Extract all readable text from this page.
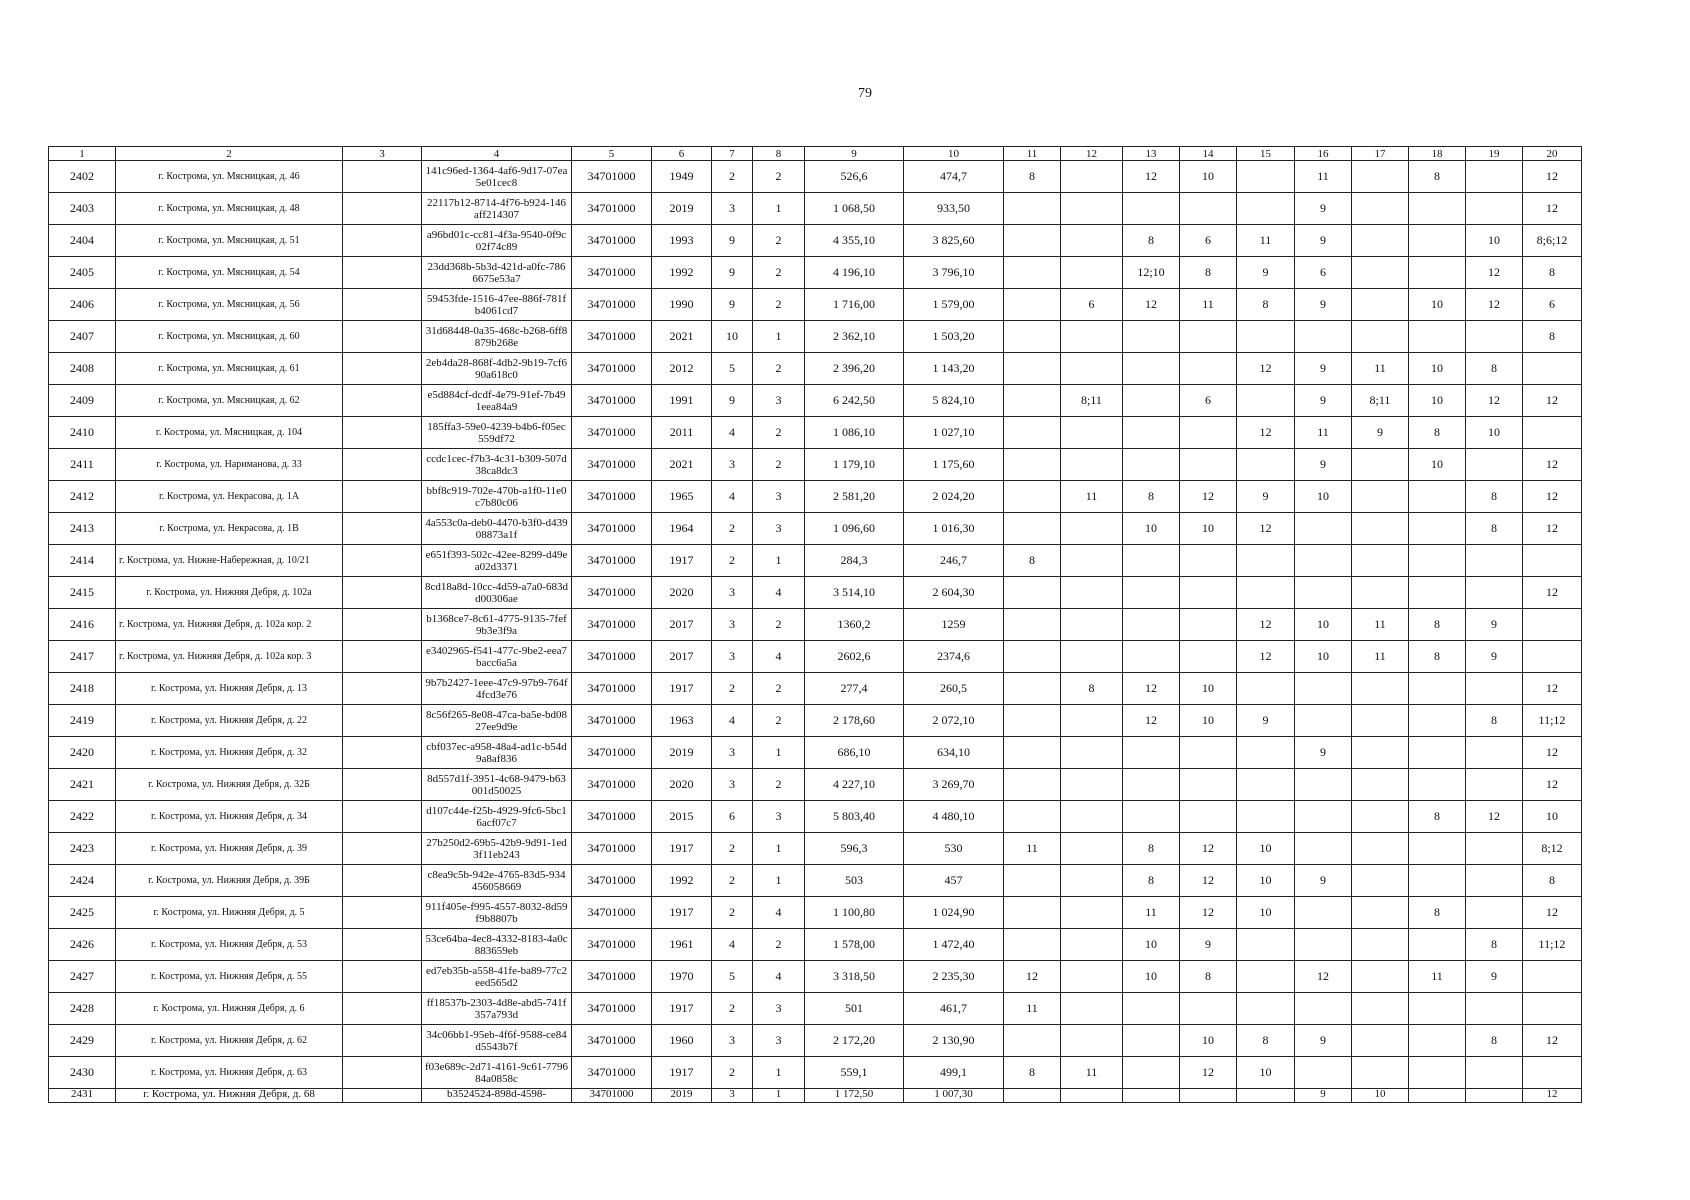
79
1	2	3	4	5	6	7	8	9	10	11	12	13	14	15	16	17	18	19	20
2402	г. Кострома, ул. Мясницкая, д. 46		141c96ed-1364-4af6-9d17-07ea5e01cec8	34701000	1949	2	2	526,6	474,7	8		12	10		11		8		12
2403	г. Кострома, ул. Мясницкая, д. 48		22117b12-8714-4f76-b924-146aff214307	34701000	2019	3	1	1 068,50	933,50						9				12
2404	г. Кострома, ул. Мясницкая, д. 51		a96bd01c-cc81-4f3a-9540-0f9c02f74c89	34701000	1993	9	2	4 355,10	3 825,60			8	6	11	9			10	8;6;12
2405	г. Кострома, ул. Мясницкая, д. 54		23dd368b-5b3d-421d-a0fc-7866675e53a7	34701000	1992	9	2	4 196,10	3 796,10			12;10	8	9	6			12	8
2406	г. Кострома, ул. Мясницкая, д. 56		59453fde-1516-47ee-886f-781fb4061cd7	34701000	1990	9	2	1 716,00	1 579,00		6	12	11	8	9		10	12	6
2407	г. Кострома, ул. Мясницкая, д. 60		31d68448-0a35-468c-b268-6ff8879b268e	34701000	2021	10	1	2 362,10	1 503,20										8
2408	г. Кострома, ул. Мясницкая, д. 61		2eb4da28-868f-4db2-9b19-7cf690a618c0	34701000	2012	5	2	2 396,20	1 143,20					12	9	11	10	8	
2409	г. Кострома, ул. Мясницкая, д. 62		e5d884cf-dcdf-4e79-91ef-7b491eea84a9	34701000	1991	9	3	6 242,50	5 824,10		8;11		6		9	8;11	10	12	12
2410	г. Кострома, ул. Мясницкая, д. 104		185ffa3-59e0-4239-b4b6-f05ec559df72	34701000	2011	4	2	1 086,10	1 027,10					12	11	9	8	10	
2411	г. Кострома, ул. Нариманова, д. 33		ccdc1cec-f7b3-4c31-b309-507d38ca8dc3	34701000	2021	3	2	1 179,10	1 175,60						9		10		12
2412	г. Кострома, ул. Некрасова, д. 1А		bbf8c919-702e-470b-a1f0-11e0c7b80c06	34701000	1965	4	3	2 581,20	2 024,20		11	8	12	9	10			8	12
2413	г. Кострома, ул. Некрасова, д. 1В		4a553c0a-deb0-4470-b3f0-d43908873a1f	34701000	1964	2	3	1 096,60	1 016,30			10	10	12				8	12
2414	г. Кострома, ул. Нижне-Набережная, д. 10/21		e651f393-502c-42ee-8299-d49ea02d3371	34701000	1917	2	1	284,3	246,7	8									
2415	г. Кострома, ул. Нижняя Дебря, д. 102а		8cd18a8d-10cc-4d59-a7a0-683dd00306ae	34701000	2020	3	4	3 514,10	2 604,30										12
2416	г. Кострома, ул. Нижняя Дебря, д. 102а кор. 2		b1368ce7-8c61-4775-9135-7fef9b3e3f9a	34701000	2017	3	2	1360,2	1259					12	10	11	8	9	
2417	г. Кострома, ул. Нижняя Дебря, д. 102а кор. 3		e3402965-f541-477c-9be2-eea7bacc6a5a	34701000	2017	3	4	2602,6	2374,6					12	10	11	8	9	
2418	г. Кострома, ул. Нижняя Дебря, д. 13		9b7b2427-1eee-47c9-97b9-764f4fcd3e76	34701000	1917	2	2	277,4	260,5		8	12	10						12
2419	г. Кострома, ул. Нижняя Дебря, д. 22		8c56f265-8e08-47ca-ba5e-bd0827ee9d9e	34701000	1963	4	2	2 178,60	2 072,10			12	10	9				8	11;12
2420	г. Кострома, ул. Нижняя Дебря, д. 32		cbf037ec-a958-48a4-ad1c-b54d9a8af836	34701000	2019	3	1	686,10	634,10						9				12
2421	г. Кострома, ул. Нижняя Дебря, д. 32Б		8d557d1f-3951-4c68-9479-b63001d50025	34701000	2020	3	2	4 227,10	3 269,70										12
2422	г. Кострома, ул. Нижняя Дебря, д. 34		d107c44e-f25b-4929-9fc6-5bc16acf07c7	34701000	2015	6	3	5 803,40	4 480,10								8	12	10
2423	г. Кострома, ул. Нижняя Дебря, д. 39		27b250d2-69b5-42b9-9d91-1ed3f11eb243	34701000	1917	2	1	596,3	530	11		8	12	10					8;12
2424	г. Кострома, ул. Нижняя Дебря, д. 39Б		c8ea9c5b-942e-4765-83d5-934456058669	34701000	1992	2	1	503	457			8	12	10	9				8
2425	г. Кострома, ул. Нижняя Дебря, д. 5		911f405e-f995-4557-8032-8d59f9b8807b	34701000	1917	2	4	1 100,80	1 024,90			11	12	10			8		12
2426	г. Кострома, ул. Нижняя Дебря, д. 53		53ce64ba-4ec8-4332-8183-4a0c883659eb	34701000	1961	4	2	1 578,00	1 472,40			10	9					8	11;12
2427	г. Кострома, ул. Нижняя Дебря, д. 55		ed7eb35b-a558-41fe-ba89-77c2eed565d2	34701000	1970	5	4	3 318,50	2 235,30	12		10	8		12		11	9	
2428	г. Кострома, ул. Нижняя Дебря, д. 6		ff18537b-2303-4d8e-abd5-741f357a793d	34701000	1917	2	3	501	461,7	11									
2429	г. Кострома, ул. Нижняя Дебря, д. 62		34c06bb1-95eb-4f6f-9588-ce84d5543b7f	34701000	1960	3	3	2 172,20	2 130,90				10	8	9			8	12
2430	г. Кострома, ул. Нижняя Дебря, д. 63		f03e689c-2d71-4161-9c61-779684a0858c	34701000	1917	2	1	559,1	499,1	8	11		12	10					
2431	г. Кострома, ул. Нижняя Дебря, д. 68		b3524524-898d-4598-	34701000	2019	3	1	1 172,50	1 007,30						9	10			12
